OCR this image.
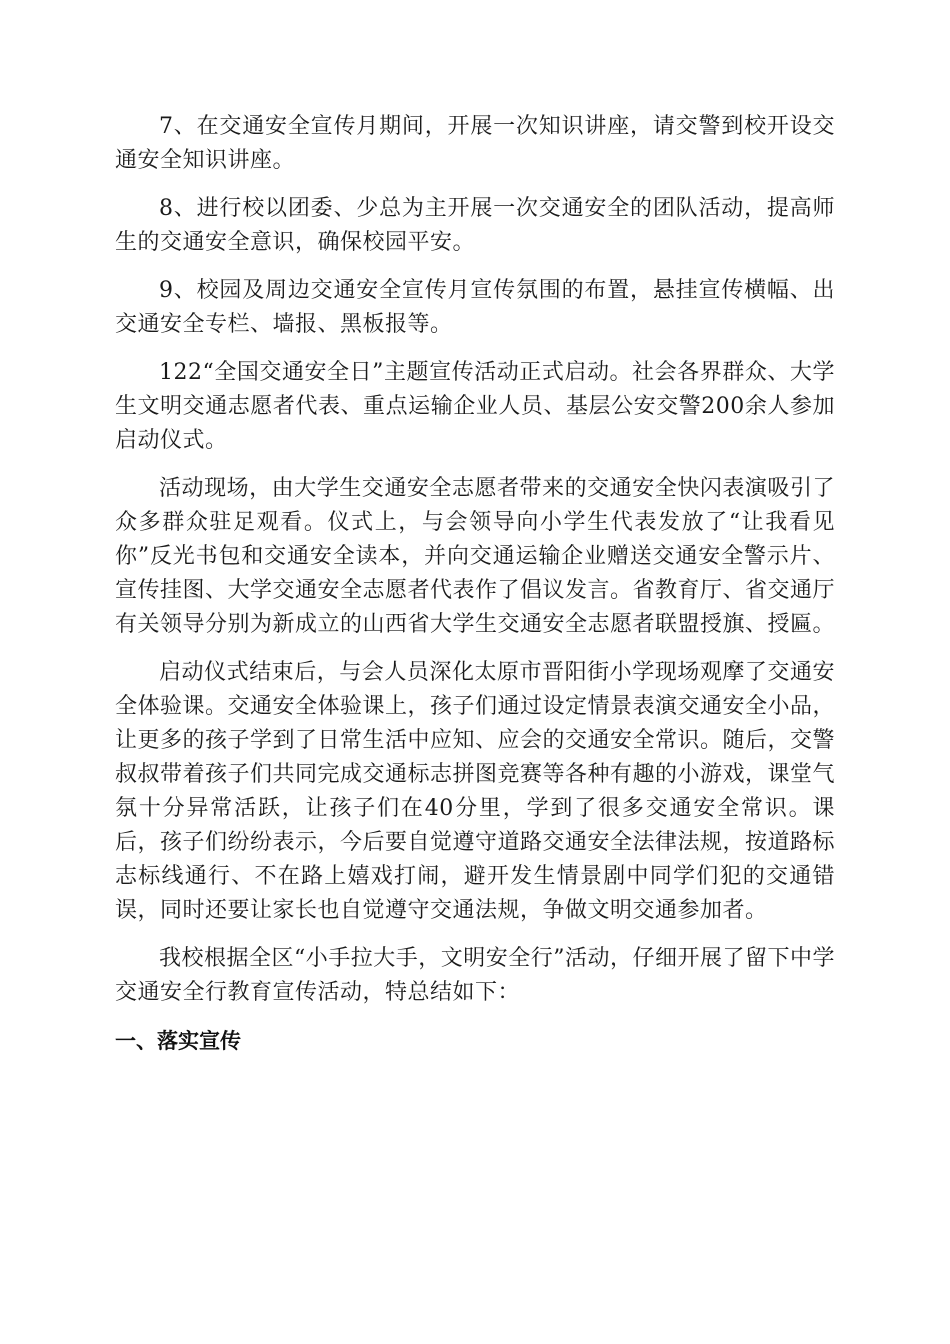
7、在交通安全宣传月期间，开展一次知识讲座，请交警到校开设交通安全知识讲座。

8、进行校以团委、少总为主开展一次交通安全的团队活动，提高师生的交通安全意识，确保校园平安。

9、校园及周边交通安全宣传月宣传氛围的布置，悬挂宣传横幅、出交通安全专栏、墙报、黑板报等。

122“全国交通安全日”主题宣传活动正式启动。社会各界群众、大学生文明交通志愿者代表、重点运输企业人员、基层公安交警200余人参加启动仪式。

活动现场，由大学生交通安全志愿者带来的交通安全快闪表演吸引了众多群众驻足观看。仪式上，与会领导向小学生代表发放了“让我看见你”反光书包和交通安全读本，并向交通运输企业赠送交通安全警示片、宣传挂图、大学交通安全志愿者代表作了倡议发言。省教育厅、省交通厅有关领导分别为新成立的山西省大学生交通安全志愿者联盟授旗、授匾。

启动仪式结束后，与会人员深化太原市晋阳街小学现场观摩了交通安全体验课。交通安全体验课上，孩子们通过设定情景表演交通安全小品，让更多的孩子学到了日常生活中应知、应会的交通安全常识。随后，交警叔叔带着孩子们共同完成交通标志拼图竞赛等各种有趣的小游戏，课堂气氛十分异常活跃，让孩子们在40分里，学到了很多交通安全常识。课后，孩子们纷纷表示，今后要自觉遵守道路交通安全法律法规，按道路标志标线通行、不在路上嬉戏打闹，避开发生情景剧中同学们犯的交通错误，同时还要让家长也自觉遵守交通法规，争做文明交通参加者。

我校根据全区“小手拉大手，文明安全行”活动，仔细开展了留下中学交通安全行教育宣传活动，特总结如下：

一、落实宣传
